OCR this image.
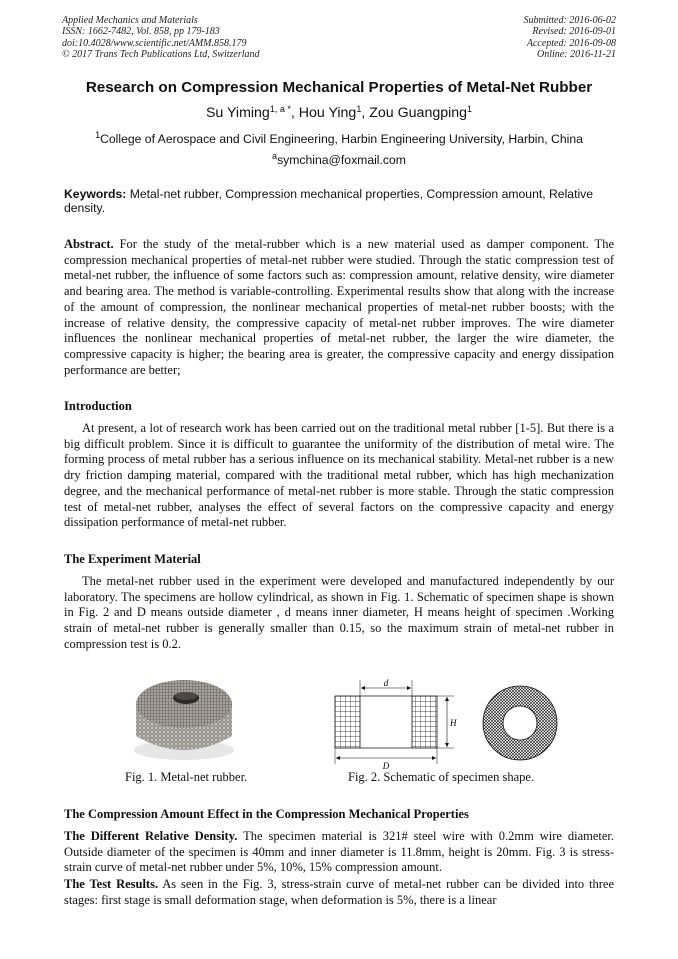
Applied Mechanics and Materials
ISSN: 1662-7482, Vol. 858, pp 179-183
doi:10.4028/www.scientific.net/AMM.858.179
© 2017 Trans Tech Publications Ltd, Switzerland
Submitted: 2016-06-02
Revised: 2016-09-01
Accepted: 2016-09-08
Online: 2016-11-21
Research on Compression Mechanical Properties of Metal-Net Rubber
Su Yiming$^{1, a *}$, Hou Ying$^1$, Zou Guangping$^1$
$^1$College of Aerospace and Civil Engineering, Harbin Engineering University, Harbin, China
$^a$symchina@foxmail.com
Keywords: Metal-net rubber, Compression mechanical properties, Compression amount, Relative density.
Abstract. For the study of the metal-rubber which is a new material used as damper component. The compression mechanical properties of metal-net rubber were studied. Through the static compression test of metal-net rubber, the influence of some factors such as: compression amount, relative density, wire diameter and bearing area. The method is variable-controlling. Experimental results show that along with the increase of the amount of compression, the nonlinear mechanical properties of metal-net rubber boosts; with the increase of relative density, the compressive capacity of metal-net rubber improves. The wire diameter influences the nonlinear mechanical properties of metal-net rubber, the larger the wire diameter, the compressive capacity is higher; the bearing area is greater, the compressive capacity and energy dissipation performance are better;
Introduction
At present, a lot of research work has been carried out on the traditional metal rubber [1-5]. But there is a big difficult problem. Since it is difficult to guarantee the uniformity of the distribution of metal wire. The forming process of metal rubber has a serious influence on its mechanical stability. Metal-net rubber is a new dry friction damping material, compared with the traditional metal rubber, which has high mechanization degree, and the mechanical performance of metal-net rubber is more stable. Through the static compression test of metal-net rubber, analyses the effect of several factors on the compressive capacity and energy dissipation performance of metal-net rubber.
The Experiment Material
The metal-net rubber used in the experiment were developed and manufactured independently by our laboratory. The specimens are hollow cylindrical, as shown in Fig. 1. Schematic of specimen shape is shown in Fig. 2 and D means outside diameter , d means inner diameter, H means height of specimen .Working strain of metal-net rubber is generally smaller than 0.15, so the maximum strain of metal-net rubber in compression test is 0.2.
d
H
D
Fig. 1. Metal-net rubber.	Fig. 2. Schematic of specimen shape.
The Compression Amount Effect in the Compression Mechanical Properties
The Different Relative Density. The specimen material is 321# steel wire with 0.2mm wire diameter. Outside diameter of the specimen is 40mm and inner diameter is 11.8mm, height is 20mm. Fig. 3 is stress-strain curve of metal-net rubber under 5%, 10%, 15% compression amount.
The Test Results. As seen in the Fig. 3, stress-strain curve of metal-net rubber can be divided into three stages: first stage is small deformation stage, when deformation is 5%, there is a linear
